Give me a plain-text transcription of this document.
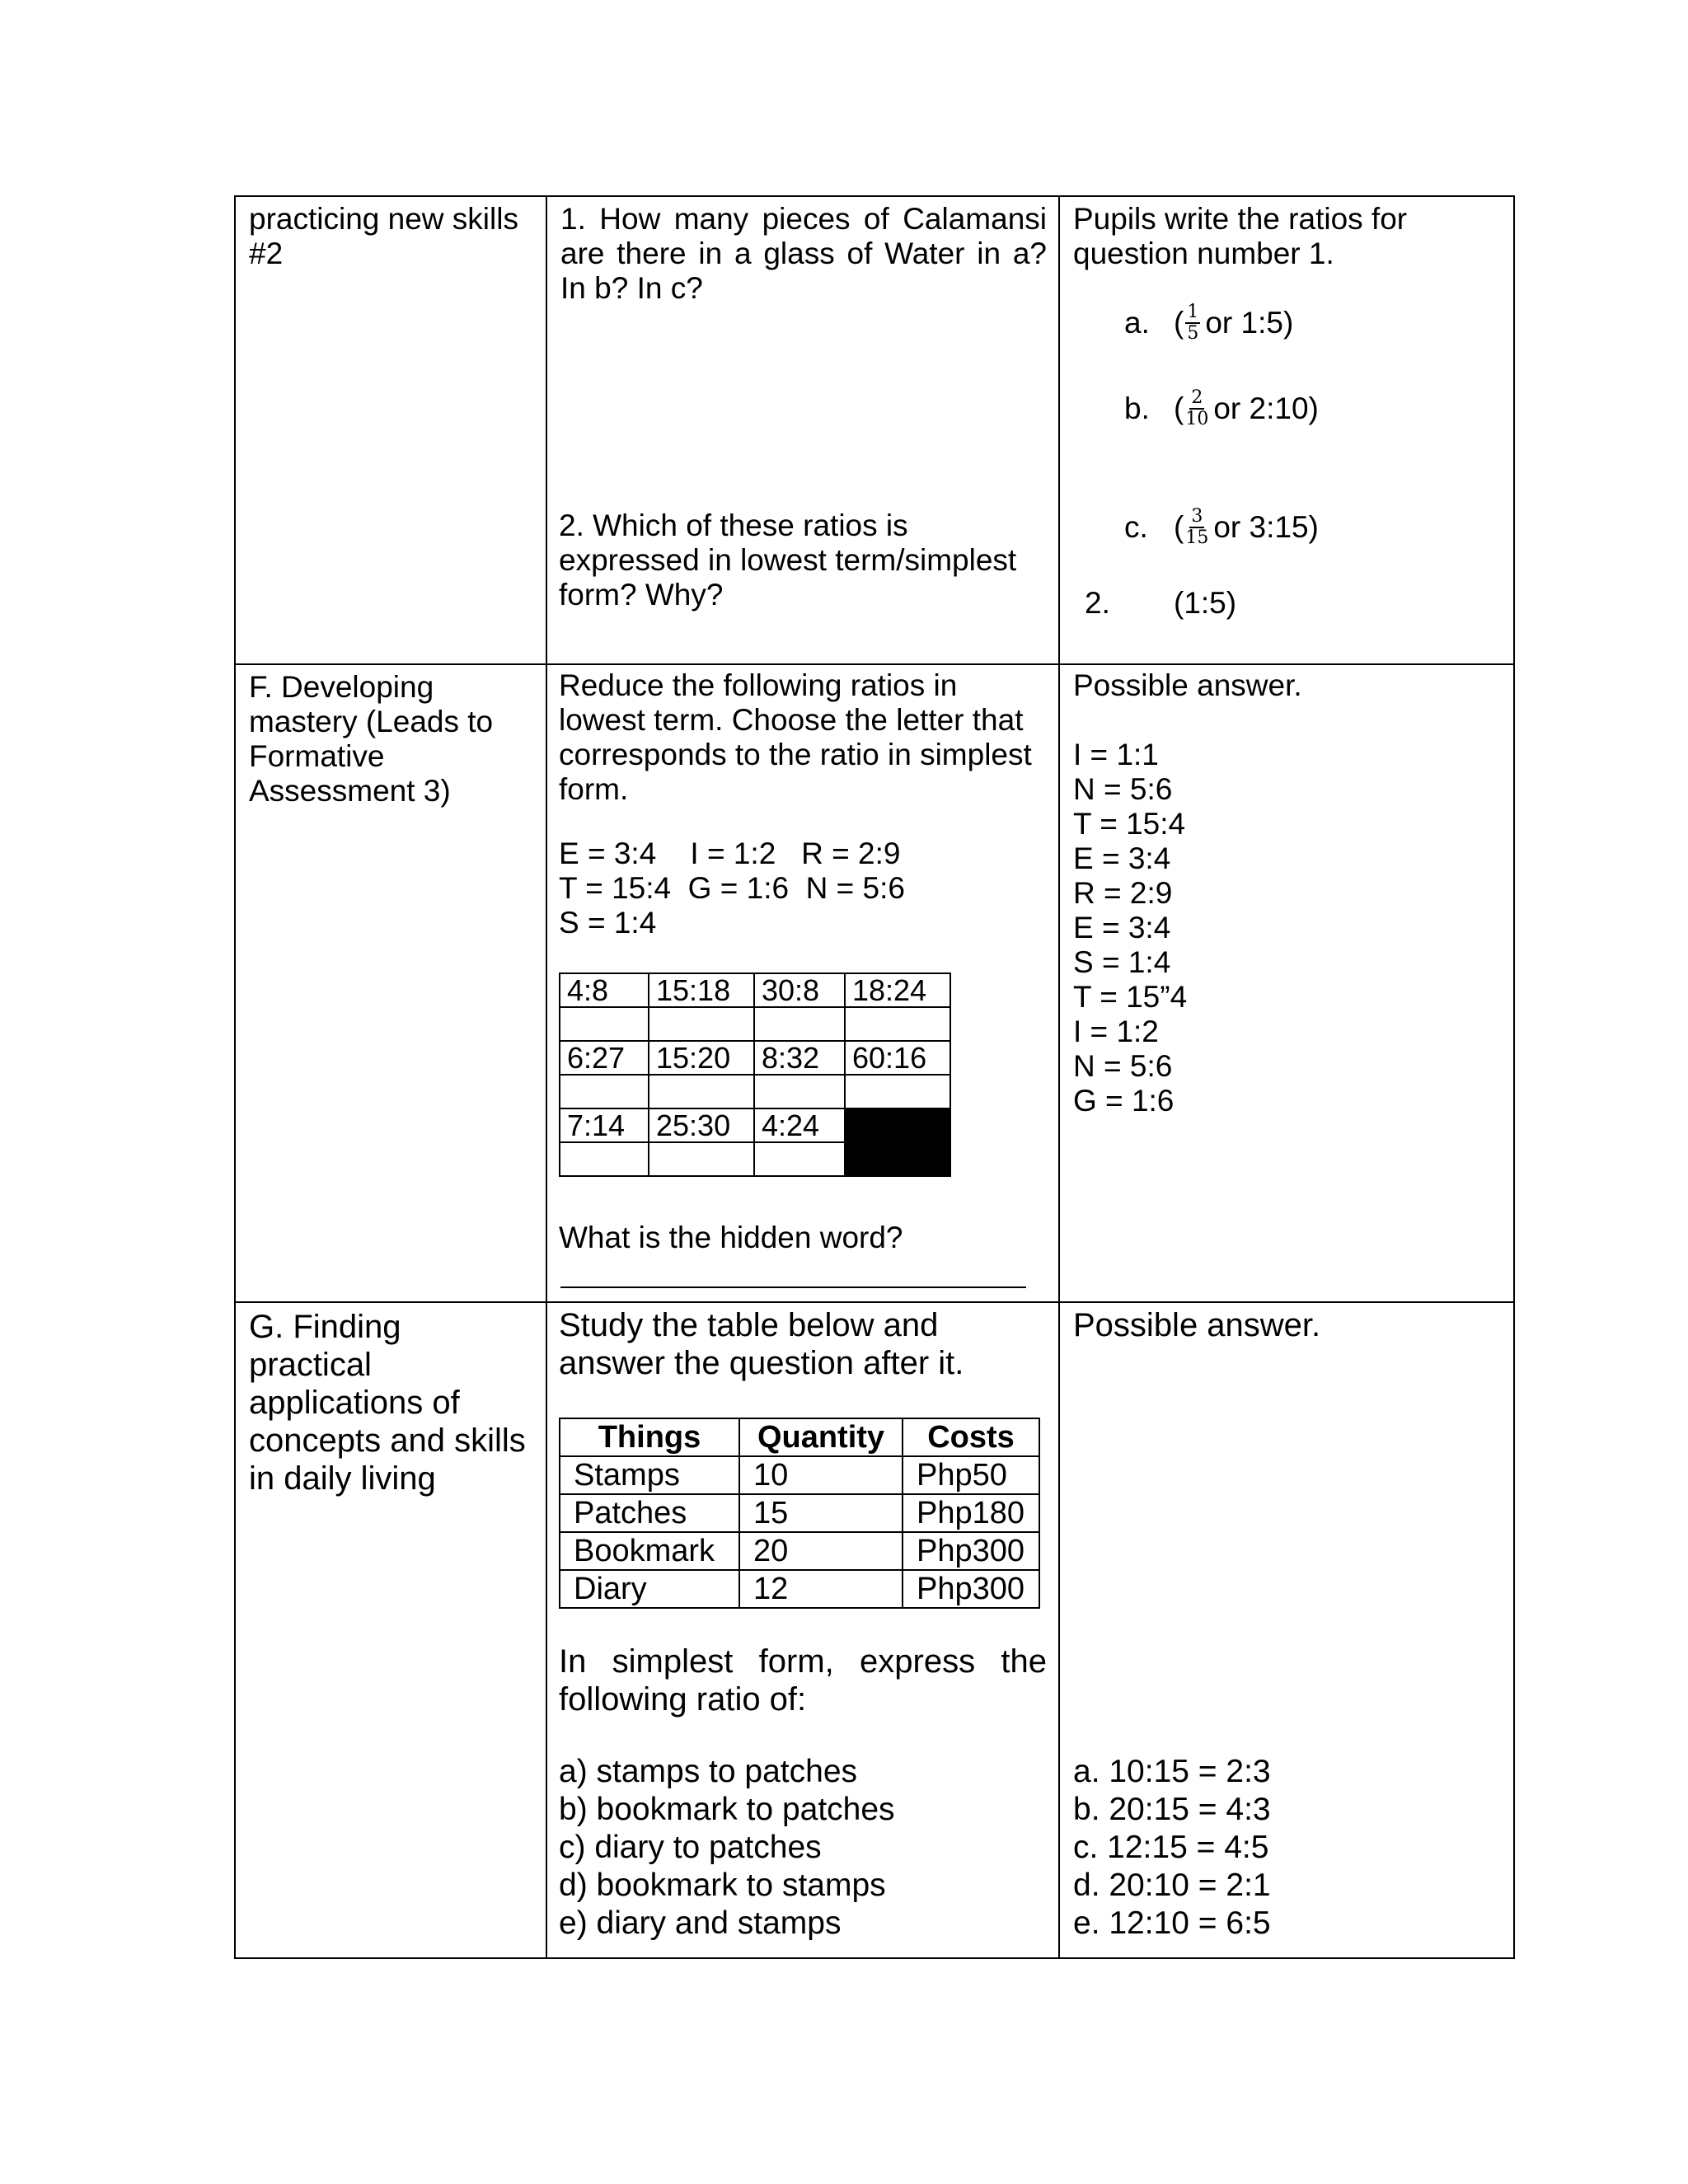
practicing new skills #2

1. How many pieces of Calamansi are there in a glass of Water in a? In b? In c?
2. Which of these ratios is expressed in lowest term/simplest form? Why?

Pupils write the ratios for question number 1.
a. ( $\frac{1}{5}$ or 1:5)
b. ( $\frac{2}{10}$ or 2:10)
c. ( $\frac{3}{15}$ or 3:15)
2. (1:5)

F. Developing mastery (Leads to Formative Assessment 3)

Reduce the following ratios in lowest term. Choose the letter that corresponds to the ratio in simplest form.
E = 3:4    I = 1:2   R = 2:9
T = 15:4  G = 1:6  N = 5:6
S = 1:4
4:8	15:18	30:8	18:24

6:27	15:20	8:32	60:16

7:14	25:30	4:24	

What is the hidden word?

Possible answer.
I = 1:1
N = 5:6
T = 15:4
E = 3:4
R = 2:9
E = 3:4
S = 1:4
T = 15”4
I = 1:2
N = 5:6
G = 1:6

G. Finding practical applications of concepts and skills in daily living

Study the table below and answer the question after it.
Things	Quantity	Costs
Stamps	10	Php50
Patches	15	Php180
Bookmark	20	Php300
Diary	12	Php300
In simplest form, express the following ratio of:
a) stamps to patches
b) bookmark to patches
c) diary to patches
d) bookmark to stamps
e) diary and stamps

Possible answer.
a. 10:15 = 2:3
b. 20:15 = 4:3
c. 12:15 = 4:5
d. 20:10 = 2:1
e. 12:10 = 6:5
